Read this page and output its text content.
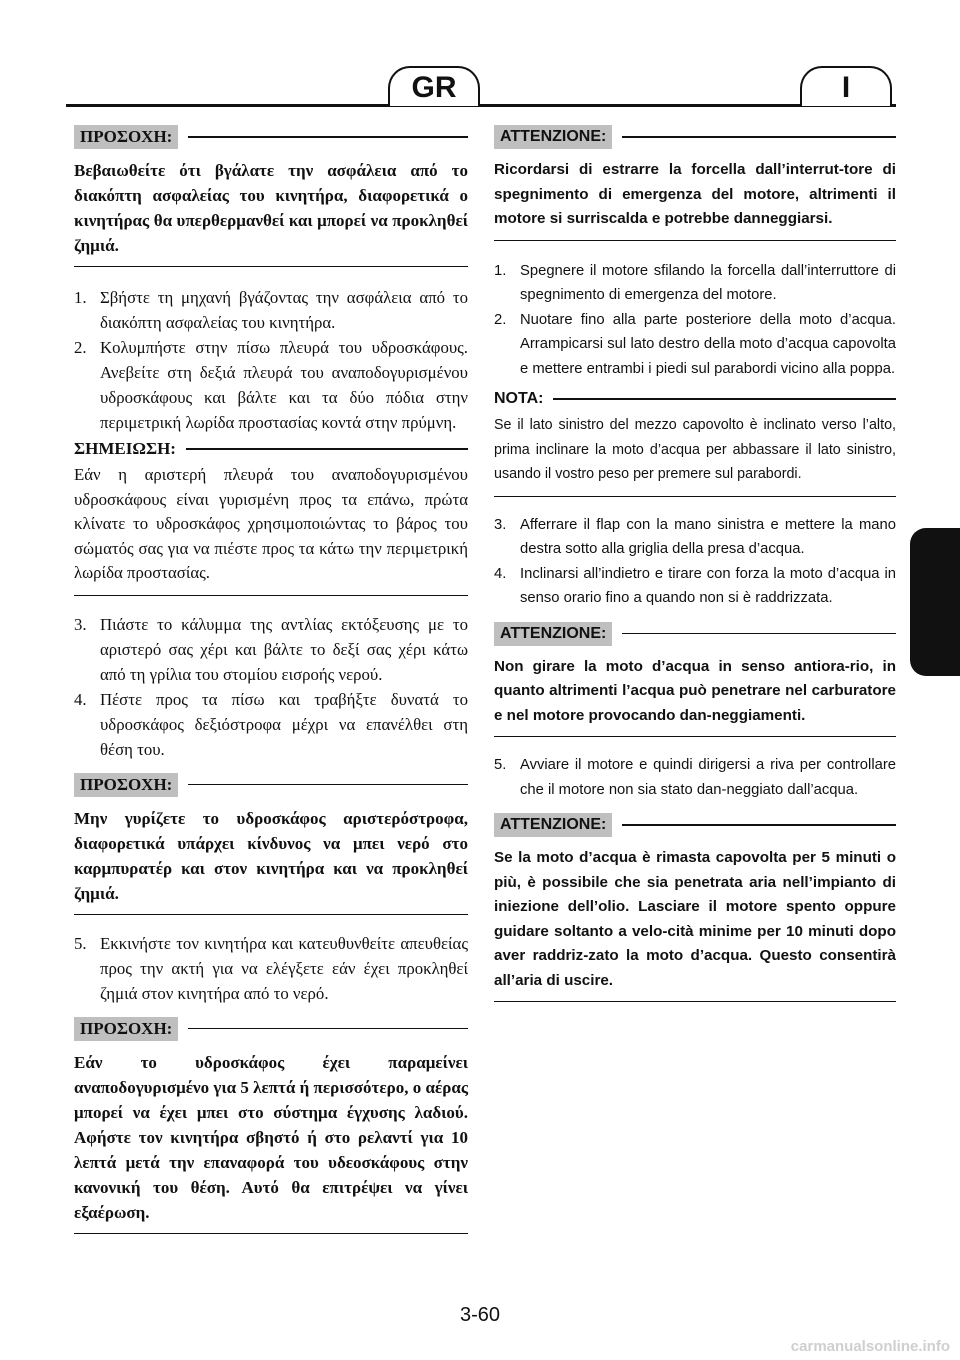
GR	I
ΠΡΟΣΟΧΗ:

Βεβαιωθείτε ότι βγάλατε την ασφάλεια από το διακόπτη ασφαλείας του κινητήρα, διαφορετικά ο κινητήρας θα υπερθερμανθεί και μπορεί να προκληθεί ζημιά.

1. Σβήστε τη μηχανή βγάζοντας την ασφάλεια από το διακόπτη ασφαλείας του κινητήρα.
2. Κολυμπήστε στην πίσω πλευρά του υδροσκάφους. Ανεβείτε στη δεξιά πλευρά του αναποδογυρισμένου υδροσκάφους και βάλτε και τα δύο πόδια στην περιμετρική λωρίδα προστασίας κοντά στην πρύμνη.
ΣΗΜΕΙΩΣΗ:

Εάν η αριστερή πλευρά του αναποδογυρισμένου υδροσκάφους είναι γυρισμένη προς τα επάνω, πρώτα κλίνατε το υδροσκάφος χρησιμοποιώντας το βάρος του σώματός σας για να πιέστε προς τα κάτω την περιμετρική λωρίδα προστασίας.

3. Πιάστε το κάλυμμα της αντλίας εκτόξευσης με το αριστερό σας χέρι και βάλτε το δεξί σας χέρι κάτω από τη γρίλια του στομίου εισροής νερού.
4. Πέστε προς τα πίσω και τραβήξτε δυνατά το υδροσκάφος δεξιόστροφα μέχρι να επανέλθει στη θέση του.
ΠΡΟΣΟΧΗ:

Μην γυρίζετε το υδροσκάφος αριστερόστροφα, διαφορετικά υπάρχει κίνδυνος να μπει νερό στο καρμπυρατέρ και στον κινητήρα και να προκληθεί ζημιά.

5. Εκκινήστε τον κινητήρα και κατευθυνθείτε απευθείας προς την ακτή για να ελέγξετε εάν έχει προκληθεί ζημιά στον κινητήρα από το νερό.
ΠΡΟΣΟΧΗ:

Εάν το υδροσκάφος έχει παραμείνει αναποδογυρισμένο για 5 λεπτά ή περισσότερο, ο αέρας μπορεί να έχει μπει στο σύστημα έγχυσης λαδιού. Αφήστε τον κινητήρα σβηστό ή στο ρελαντί για 10 λεπτά μετά την επαναφορά του υδεοσκάφους στην κανονική του θέση. Αυτό θα επιτρέψει να γίνει εξαέρωση.

ATTENZIONE:

Ricordarsi di estrarre la forcella dall’interrut-tore di spegnimento di emergenza del motore, altrimenti il motore si surriscalda e potrebbe danneggiarsi.

1. Spegnere il motore sfilando la forcella dall’interruttore di spegnimento di emergenza del motore.
2. Nuotare fino alla parte posteriore della moto d’acqua. Arrampicarsi sul lato destro della moto d’acqua capovolta e mettere entrambi i piedi sul parabordi vicino alla poppa.
NOTA:

Se il lato sinistro del mezzo capovolto è inclinato verso l’alto, prima inclinare la moto d’acqua per abbassare il lato sinistro, usando il vostro peso per premere sul parabordi.

3. Afferrare il flap con la mano sinistra e mettere la mano destra sotto alla griglia della presa d’acqua.
4. Inclinarsi all’indietro e tirare con forza la moto d’acqua in senso orario fino a quando non si è raddrizzata.
ATTENZIONE:

Non girare la moto d’acqua in senso antiora-rio, in quanto altrimenti l’acqua può penetrare nel carburatore e nel motore provocando dan-neggiamenti.

5. Avviare il motore e quindi dirigersi a riva per controllare che il motore non sia stato dan-neggiato dall’acqua.
ATTENZIONE:

Se la moto d’acqua è rimasta capovolta per 5 minuti o più, è possibile che sia penetrata aria nell’impianto di iniezione dell’olio. Lasciare il motore spento oppure guidare soltanto a velo-cità minime per 10 minuti dopo aver raddriz-zato la moto d’acqua. Questo consentirà all’aria di uscire.

3-60
carmanualsonline.info
